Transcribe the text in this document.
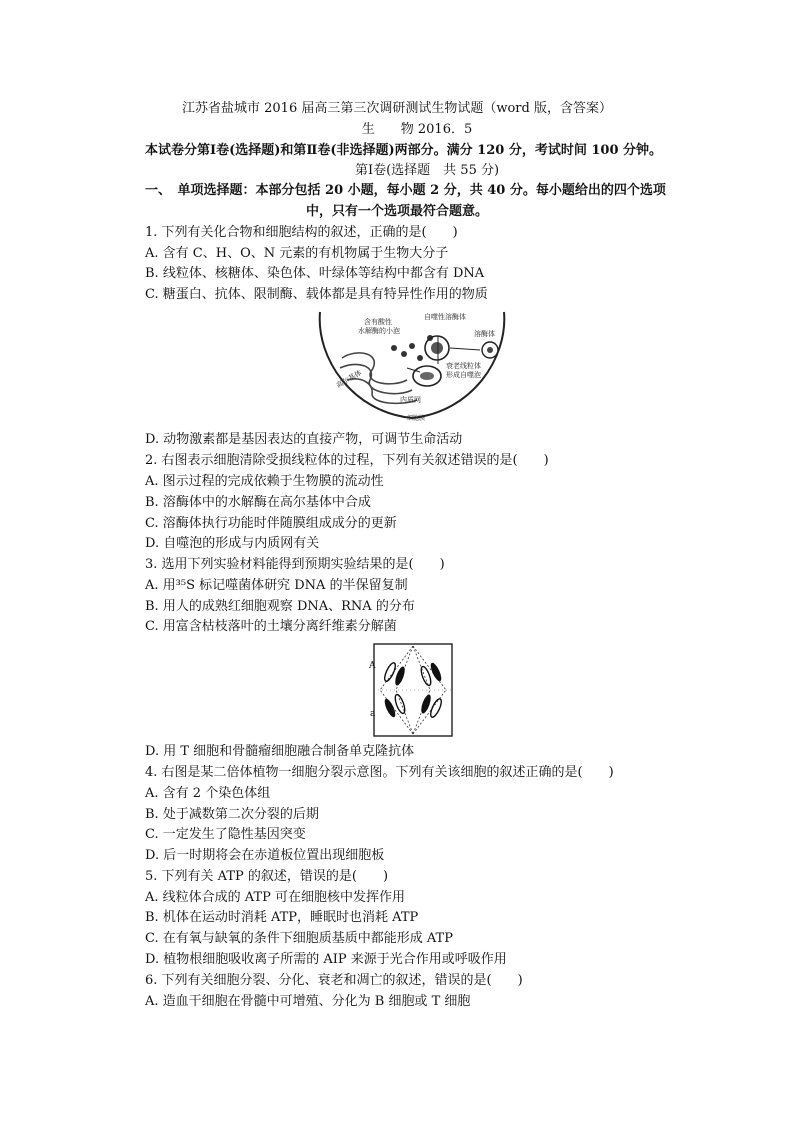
江苏省盐城市 2016 届高三第三次调研测试生物试题（word 版，含答案）
生　　物 2016．5
本试卷分第Ⅰ卷(选择题)和第Ⅱ卷(非选择题)两部分。满分 120 分，考试时间 100 分钟。
第Ⅰ卷(选择题　共 55 分)
一、　单项选择题：本部分包括 20 小题，每小题 2 分，共 40 分。每小题给出的四个选项
中，只有一个选项最符合题意。
1. 下列有关化合物和细胞结构的叙述，正确的是(　　)
A. 含有 C、H、O、N 元素的有机物属于生物大分子
B. 线粒体、核糖体、染色体、叶绿体等结构中都含有 DNA
C. 糖蛋白、抗体、限制酶、载体都是具有特异性作用的物质
含有酸性
水解酶的小泡
自噬性溶酶体
溶酶体
高尔基体
衰老线粒体
形成自噬泡
内质网
细胞膜
D. 动物激素都是基因表达的直接产物，可调节生命活动
2. 右图表示细胞清除受损线粒体的过程，下列有关叙述错误的是(　　)
A. 图示过程的完成依赖于生物膜的流动性
B. 溶酶体中的水解酶在高尔基体中合成
C. 溶酶体执行功能时伴随膜组成成分的更新
D. 自噬泡的形成与内质网有关
3. 选用下列实验材料能得到预期实验结果的是(　　)
A. 用³⁵S 标记噬菌体研究 DNA 的半保留复制
B. 用人的成熟红细胞观察 DNA、RNA 的分布
C. 用富含枯枝落叶的土壤分离纤维素分解菌
A
a
D. 用 T 细胞和骨髓瘤细胞融合制备单克隆抗体
4. 右图是某二倍体植物一细胞分裂示意图。下列有关该细胞的叙述正确的是(　　)
A. 含有 2 个染色体组
B. 处于减数第二次分裂的后期
C. 一定发生了隐性基因突变
D. 后一时期将会在赤道板位置出现细胞板
5. 下列有关 ATP 的叙述，错误的是(　　)
A. 线粒体合成的 ATP 可在细胞核中发挥作用
B. 机体在运动时消耗 ATP，睡眠时也消耗 ATP
C. 在有氧与缺氧的条件下细胞质基质中都能形成 ATP
D. 植物根细胞吸收离子所需的 AIP 来源于光合作用或呼吸作用
6. 下列有关细胞分裂、分化、衰老和凋亡的叙述，错误的是(　　)
A. 造血干细胞在骨髓中可增殖、分化为 B 细胞或 T 细胞
